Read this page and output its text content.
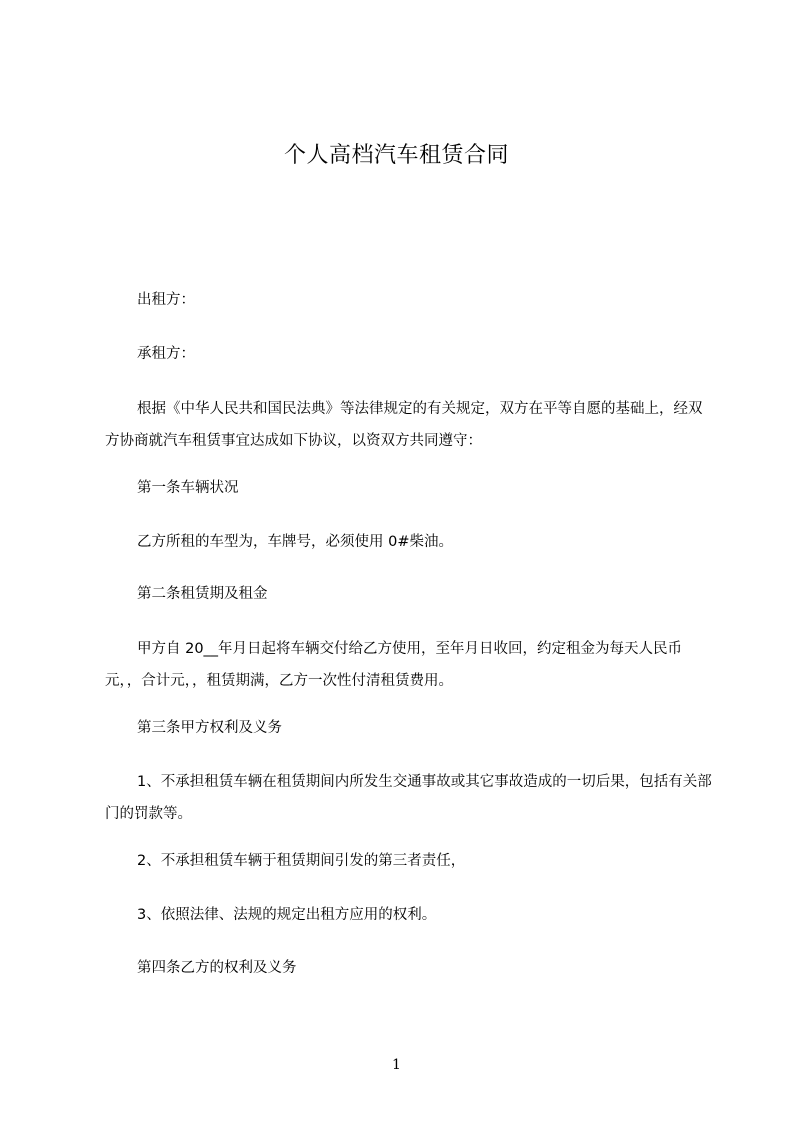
个人高档汽车租赁合同

出租方：

承租方：

根据《中华人民共和国民法典》等法律规定的有关规定，双方在平等自愿的基础上，经双方协商就汽车租赁事宜达成如下协议，以资双方共同遵守：

第一条车辆状况

乙方所租的车型为，车牌号，必须使用 0#柴油。

第二条租赁期及租金

甲方自 20__年月日起将车辆交付给乙方使用，至年月日收回，约定租金为每天人民币元，，合计元，，租赁期满，乙方一次性付清租赁费用。

第三条甲方权利及义务

1、不承担租赁车辆在租赁期间内所发生交通事故或其它事故造成的一切后果，包括有关部门的罚款等。

2、不承担租赁车辆于租赁期间引发的第三者责任，

3、依照法律、法规的规定出租方应用的权利。

第四条乙方的权利及义务

1
